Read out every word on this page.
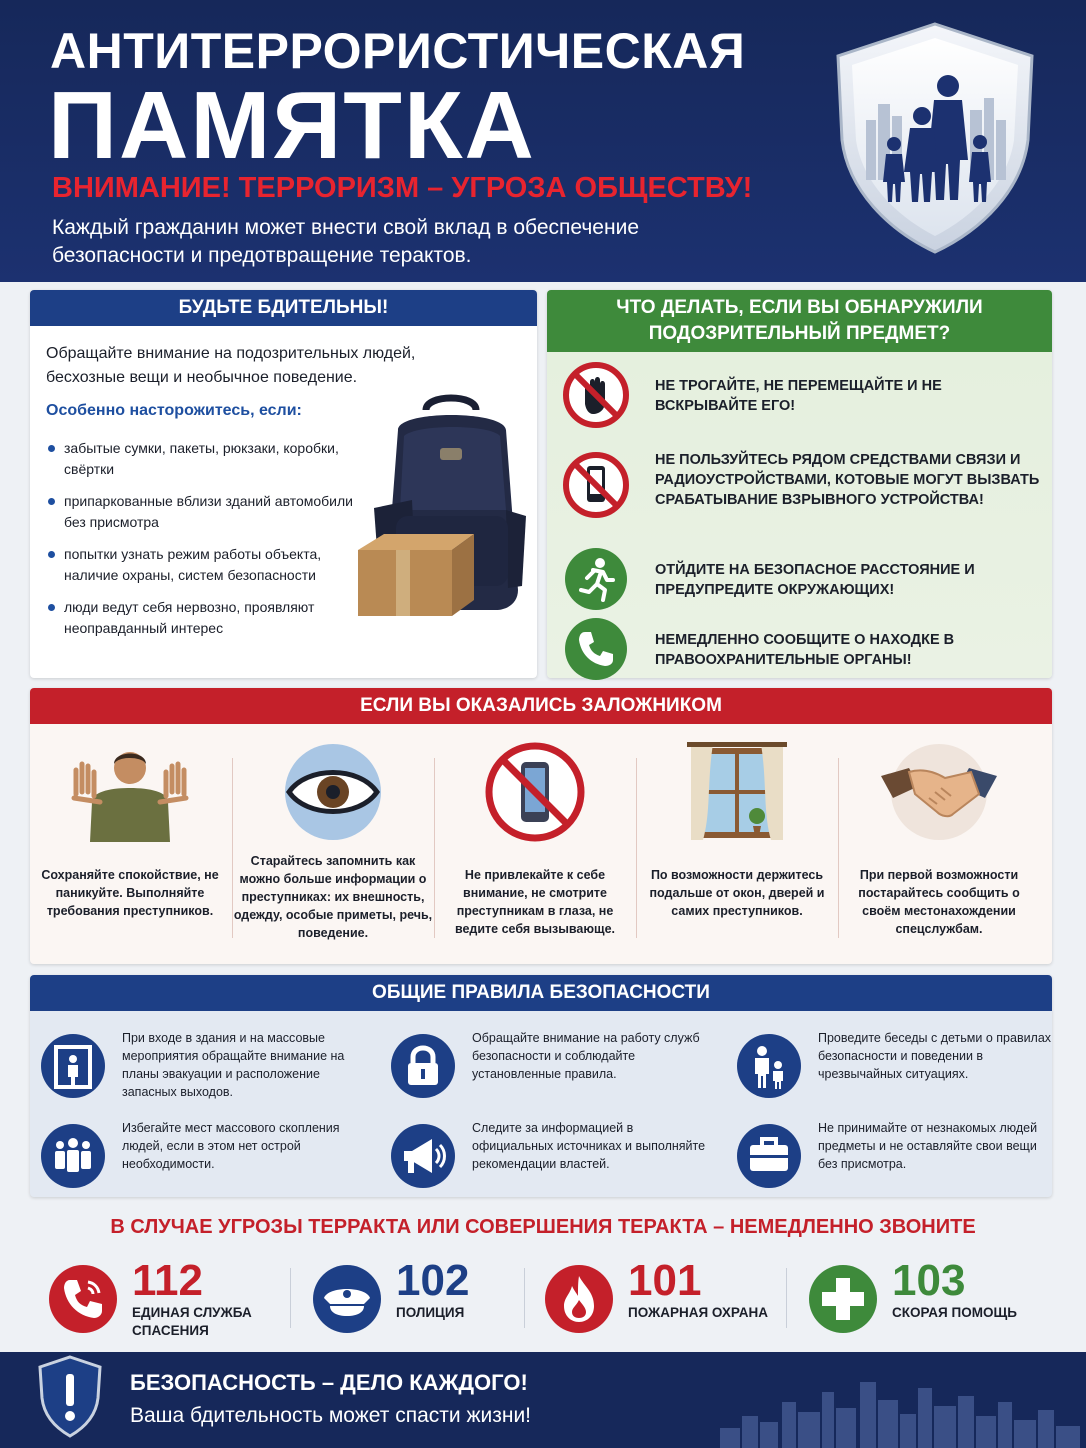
АНТИТЕРРОРИСТИЧЕСКАЯ
ПАМЯТКА
ВНИМАНИЕ! ТЕРРОРИЗМ – УГРОЗА ОБЩЕСТВУ!
Каждый гражданин может внести свой вклад в обеспечение безопасности и предотвращение терактов.
БУДЬТЕ БДИТЕЛЬНЫ!
Обращайте внимание на подозрительных людей, бесхозные вещи и необычное поведение.
Особенно насторожитесь, если:
забытые сумки, пакеты, рюкзаки, коробки, свёртки
припаркованные вблизи зданий автомобили без присмотра
попытки узнать режим работы объекта, наличие охраны, систем безопасности
люди ведут себя нервозно, проявляют неоправданный интерес
ЧТО ДЕЛАТЬ, ЕСЛИ ВЫ ОБНАРУЖИЛИ ПОДОЗРИТЕЛЬНЫЙ ПРЕДМЕТ?
НЕ ТРОГАЙТЕ, НЕ ПЕРЕМЕЩАЙТЕ И НЕ ВСКРЫВАЙТЕ ЕГО!
НЕ ПОЛЬЗУЙТЕСЬ РЯДОМ СРЕДСТВАМИ СВЯЗИ И РАДИОУСТРОЙСТВАМИ, КОТОВЫЕ МОГУТ ВЫЗВАТЬ СРАБАТЫВАНИЕ ВЗРЫВНОГО УСТРОЙСТВА!
ОТЙДИТЕ НА БЕЗОПАСНОЕ РАССТОЯНИЕ И ПРЕДУПРЕДИТЕ ОКРУЖАЮЩИХ!
НЕМЕДЛЕННО СООБЩИТЕ О НАХОДКЕ В ПРАВООХРАНИТЕЛЬНЫЕ ОРГАНЫ!
ЕСЛИ ВЫ ОКАЗАЛИСЬ ЗАЛОЖНИКОМ
Сохраняйте спокойствие, не паникуйте. Выполняйте требования преступников.
Старайтесь запомнить как можно больше информации о преступниках: их внешность, одежду, особые приметы, речь, поведение.
Не привлекайте к себе внимание, не смотрите преступникам в глаза, не ведите себя вызывающе.
По возможности держитесь подальше от окон, дверей и самих преступников.
При первой возможности постарайтесь сообщить о своём местонахождении спецслужбам.
ОБЩИЕ ПРАВИЛА БЕЗОПАСНОСТИ
При входе в здания и на массовые мероприятия обращайте внимание на планы эвакуации и расположение запасных выходов.
Обращайте внимание на работу служб безопасности и соблюдайте установленные правила.
Проведите беседы с детьми о правилах безопасности и поведении в чрезвычайных ситуациях.
Избегайте мест массового скопления людей, если в этом нет острой необходимости.
Следите за информацией в официальных источниках и выполняйте рекомендации властей.
Не принимайте от незнакомых людей предметы и не оставляйте свои вещи без присмотра.
В СЛУЧАЕ УГРОЗЫ ТЕРРАКТА ИЛИ СОВЕРШЕНИЯ ТЕРАКТА – НЕМЕДЛЕННО ЗВОНИТЕ
112
ЕДИНАЯ СЛУЖБА
СПАСЕНИЯ
102
ПОЛИЦИЯ
101
ПОЖАРНАЯ ОХРАНА
103
СКОРАЯ ПОМОЩЬ
БЕЗОПАСНОСТЬ – ДЕЛО КАЖДОГО!
Ваша бдительность может спасти жизни!
